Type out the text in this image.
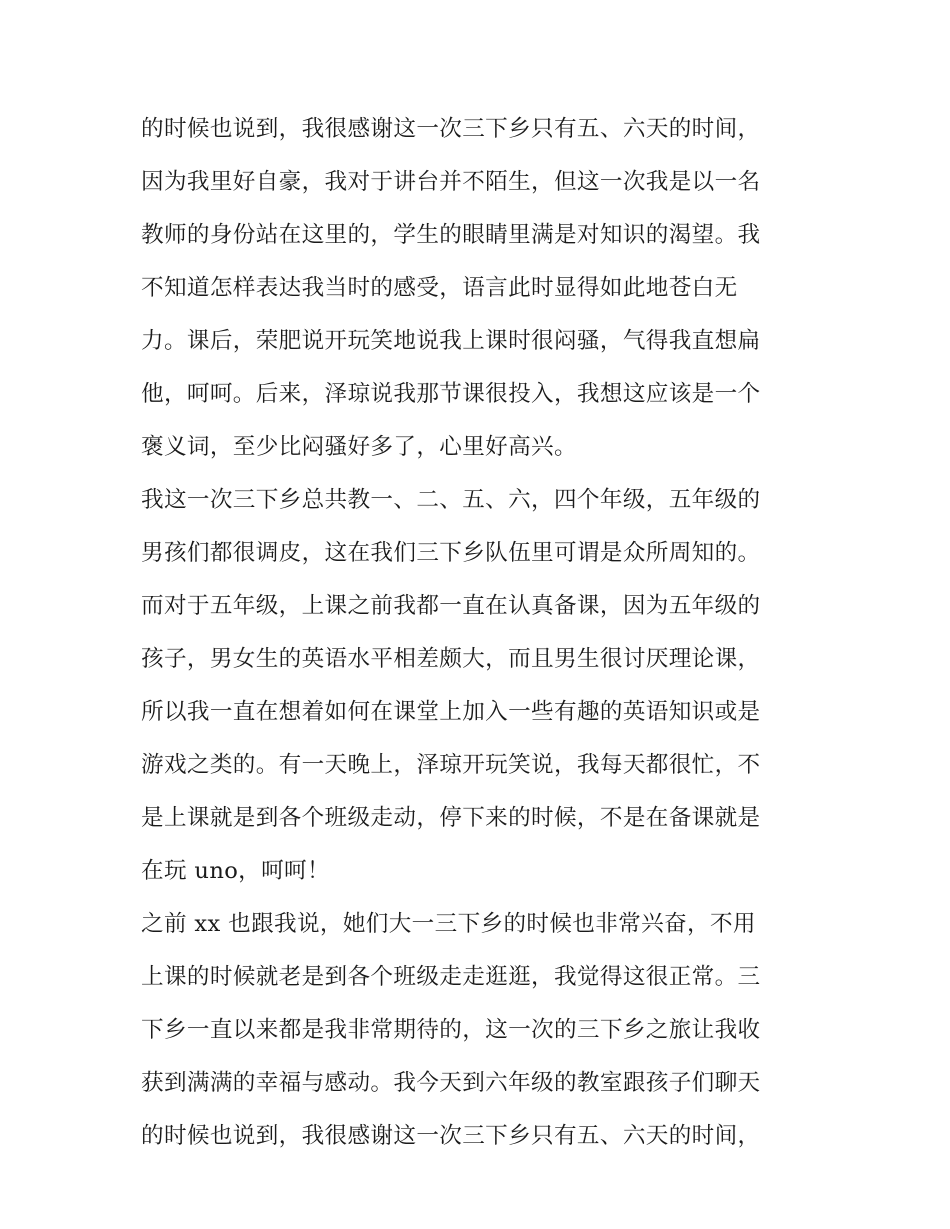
的时候也说到，我很感谢这一次三下乡只有五、六天的时间，
因为我里好自豪，我对于讲台并不陌生，但这一次我是以一名
教师的身份站在这里的，学生的眼睛里满是对知识的渴望。我
不知道怎样表达我当时的感受，语言此时显得如此地苍白无
力。课后，荣肥说开玩笑地说我上课时很闷骚，气得我直想扁
他，呵呵。后来，泽琼说我那节课很投入，我想这应该是一个
褒义词，至少比闷骚好多了，心里好高兴。
我这一次三下乡总共教一、二、五、六，四个年级，五年级的
男孩们都很调皮，这在我们三下乡队伍里可谓是众所周知的。
而对于五年级，上课之前我都一直在认真备课，因为五年级的
孩子，男女生的英语水平相差颇大，而且男生很讨厌理论课，
所以我一直在想着如何在课堂上加入一些有趣的英语知识或是
游戏之类的。有一天晚上，泽琼开玩笑说，我每天都很忙，不
是上课就是到各个班级走动，停下来的时候，不是在备课就是
在玩 uno，呵呵！
之前 xx 也跟我说，她们大一三下乡的时候也非常兴奋，不用
上课的时候就老是到各个班级走走逛逛，我觉得这很正常。三
下乡一直以来都是我非常期待的，这一次的三下乡之旅让我收
获到满满的幸福与感动。我今天到六年级的教室跟孩子们聊天
的时候也说到，我很感谢这一次三下乡只有五、六天的时间，
